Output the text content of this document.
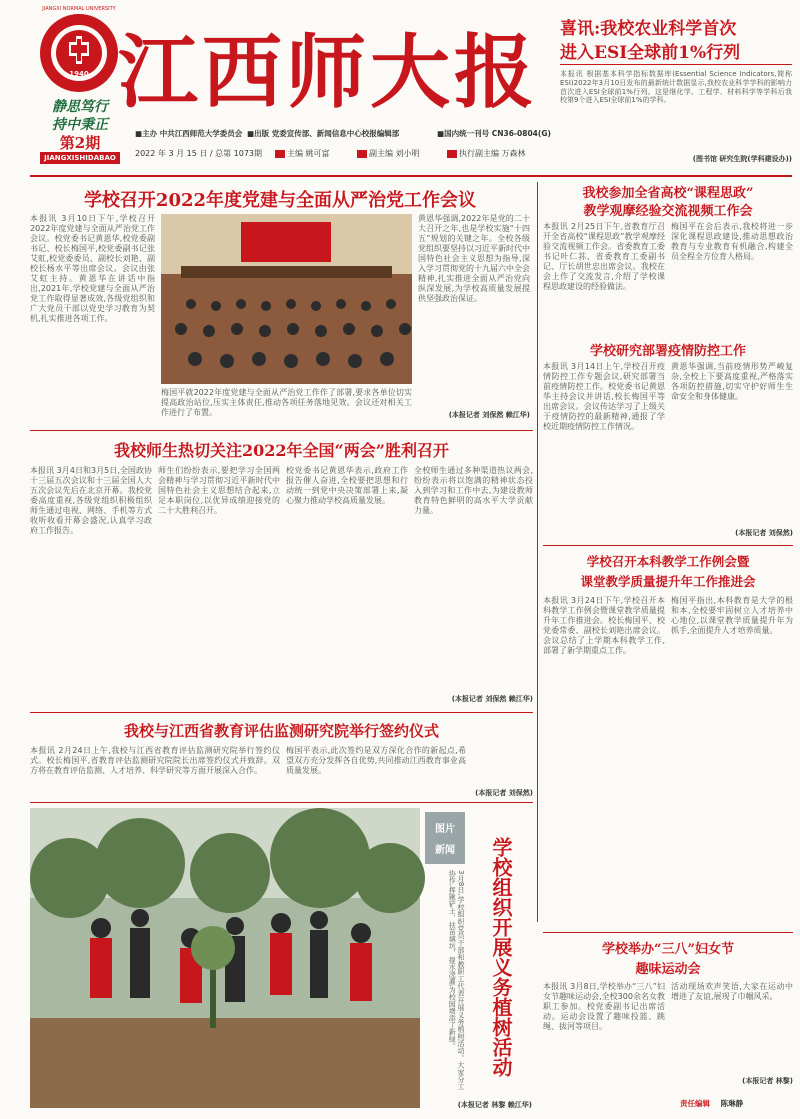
1940
JIANGXI NORMAL UNIVERSITY
江西师大报
静思笃行
持中秉正
第2期
JIANGXISHIDABAO
■主办 中共江西师范大学委员会 ■出版 党委宣传部、新闻信息中心校报编辑部	■国内统一刊号 CN36-0804(G)
2022 年 3 月 15 日 / 总第 1073期	主编 姚可富	副主编 刘小明	执行副主编 万森林
喜讯:我校农业科学首次
进入ESI全球前1%行列
本报讯 根据基本科学指标数据库(Essential Science Indicators,简称ESI)2022年3月10日发布的最新统计数据显示,我校农业科学学科的影响力首次进入ESI全球前1%行列。这是继化学、工程学、材料科学等学科后我校第9个进入ESI全球前1%的学科。
(图书馆 研究生院(学科建设办))
学校召开2022年度党建与全面从严治党工作会议
本报讯 3月10日下午,学校召开2022年度党建与全面从严治党工作会议。校党委书记黄恩华,校党委副书记、校长梅国平,校党委副书记张艾虹,校党委委员、副校长刘艳、副校长杨水平等出席会议。会议由张艾虹主持。黄恩华在讲话中指出,2021年,学校党建与全面从严治党工作取得显著成效,各级党组织和广大党员干部以党史学习教育为契机,扎实推进各项工作。
梅国平就2022年度党建与全面从严治党工作作了部署,要求各单位切实提高政治站位,压实主体责任,推动各项任务落地见效。会议还对相关工作进行了布置。
黄恩华强调,2022年是党的二十大召开之年,也是学校实施“十四五”规划的关键之年。全校各级党组织要坚持以习近平新时代中国特色社会主义思想为指导,深入学习贯彻党的十九届六中全会精神,扎实推进全面从严治党向纵深发展,为学校高质量发展提供坚强政治保证。
(本报记者 刘保然 赖江华)
我校参加全省高校“课程思政”
教学观摩经验交流视频工作会
本报讯 2月25日下午,省教育厅召开全省高校“课程思政”教学观摩经验交流视频工作会。省委教育工委书记叶仁荪、省委教育工委副书记、厅长胡世忠出席会议。我校在会上作了交流发言,介绍了学校课程思政建设的经验做法。
梅国平在会后表示,我校将进一步深化课程思政建设,推动思想政治教育与专业教育有机融合,构建全员全程全方位育人格局。
学校研究部署疫情防控工作
本报讯 3月14日上午,学校召开疫情防控工作专题会议,研究部署当前疫情防控工作。校党委书记黄恩华主持会议并讲话,校长梅国平等出席会议。会议传达学习了上级关于疫情防控的最新精神,通报了学校近期疫情防控工作情况。
黄恩华强调,当前疫情形势严峻复杂,全校上下要高度重视,严格落实各项防控措施,切实守护好师生生命安全和身体健康。
(本报记者 刘保然)
我校师生热切关注2022年全国“两会”胜利召开
本报讯 3月4日和3月5日,全国政协十三届五次会议和十三届全国人大五次会议先后在北京开幕。我校党委高度重视,各级党组织积极组织师生通过电视、网络、手机等方式收听收看开幕会盛况,认真学习政府工作报告。
师生们纷纷表示,要把学习全国两会精神与学习贯彻习近平新时代中国特色社会主义思想结合起来,立足本职岗位,以优异成绩迎接党的二十大胜利召开。
校党委书记黄恩华表示,政府工作报告催人奋进,全校要把思想和行动统一到党中央决策部署上来,凝心聚力推动学校高质量发展。
全校师生通过多种渠道热议两会,纷纷表示将以饱满的精神状态投入到学习和工作中去,为建设教师教育特色鲜明的高水平大学贡献力量。
(本报记者 刘保然 赖江华)
学校召开本科教学工作例会暨
课堂教学质量提升年工作推进会
本报讯 3月24日下午,学校召开本科教学工作例会暨课堂教学质量提升年工作推进会。校长梅国平、校党委常委、副校长刘艳出席会议。会议总结了上学期本科教学工作,部署了新学期重点工作。
梅国平指出,本科教育是大学的根和本,全校要牢固树立人才培养中心地位,以课堂教学质量提升年为抓手,全面提升人才培养质量。
我校与江西省教育评估监测研究院举行签约仪式
本报讯 2月24日上午,我校与江西省教育评估监测研究院举行签约仪式。校长梅国平,省教育评估监测研究院院长出席签约仪式并致辞。双方将在教育评估监测、人才培养、科学研究等方面开展深入合作。
梅国平表示,此次签约是双方深化合作的新起点,希望双方充分发挥各自优势,共同推动江西教育事业高质量发展。
(本报记者 刘保然)
图片
新闻	学校组织开展义务植树活动
3月8日,学校组织党员干部和教职工代表开展义务植树活动。大家分工协作,挥锹铲土、扶苗填坑、提水浇灌,为校园增添了新绿。
(本报记者 林黎 赖江华)
学校举办“三八”妇女节
趣味运动会
本报讯 3月8日,学校举办“三八”妇女节趣味运动会,全校300余名女教职工参加。校党委副书记出席活动。运动会设置了趣味投篮、跳绳、拔河等项目。
活动现场欢声笑语,大家在运动中增进了友谊,展现了巾帼风采。
(本报记者 林黎)
责任编辑 陈琳静
